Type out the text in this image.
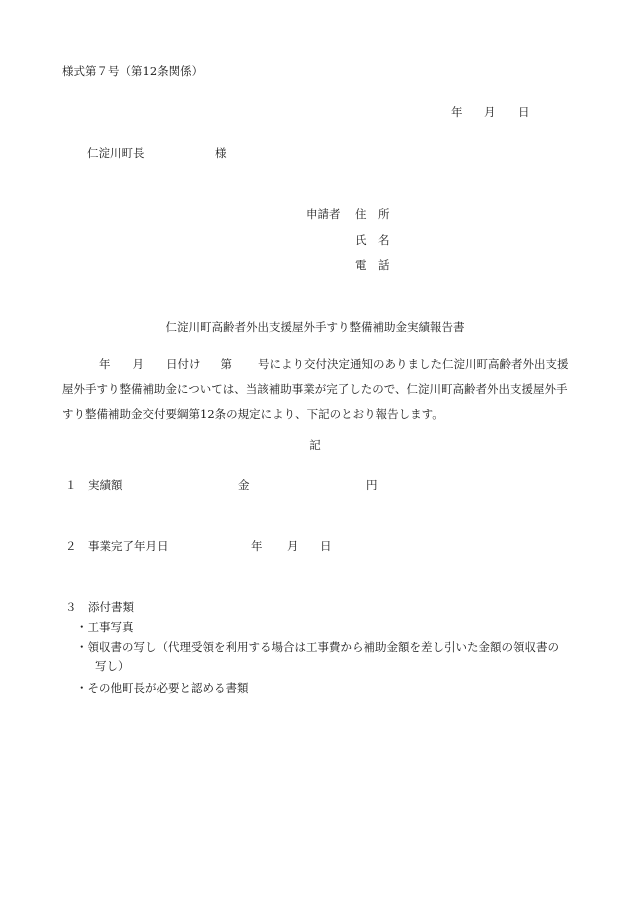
様式第７号（第12条関係）
年 月 日
仁淀川町長	様
申請者 住　所
氏　名
電　話
仁淀川町高齢者外出支援屋外手すり整備補助金実績報告書
年 月 日付け 第 号により交付決定通知のありました仁淀川町高齢者外出支援屋外手すり整備補助金については、当該補助事業が完了したので、仁淀川町高齢者外出支援屋外手すり整備補助金交付要綱第12条の規定により、下記のとおり報告します。
記
１ 実績額	金	円
２ 事業完了年月日	年 月 日
３ 添付書類
・工事写真
・領収書の写し（代理受領を利用する場合は工事費から補助金額を差し引いた金額の領収書の
写し）
・その他町長が必要と認める書類
